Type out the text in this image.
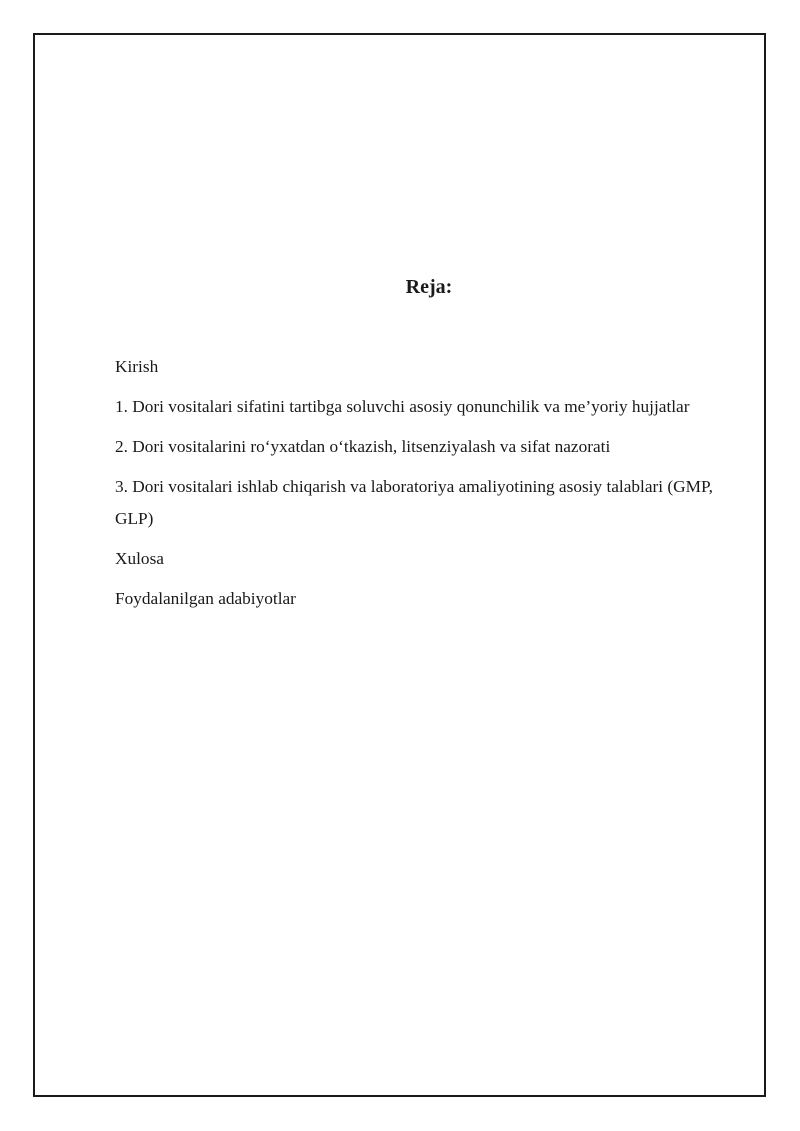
Reja:
Kirish
1. Dori vositalari sifatini tartibga soluvchi asosiy qonunchilik va me’yoriy hujjatlar
2. Dori vositalarini ro‘yxatdan o‘tkazish, litsenziyalash va sifat nazorati
3. Dori vositalari ishlab chiqarish va laboratoriya amaliyotining asosiy talablari (GMP, GLP)
Xulosa
Foydalanilgan adabiyotlar
